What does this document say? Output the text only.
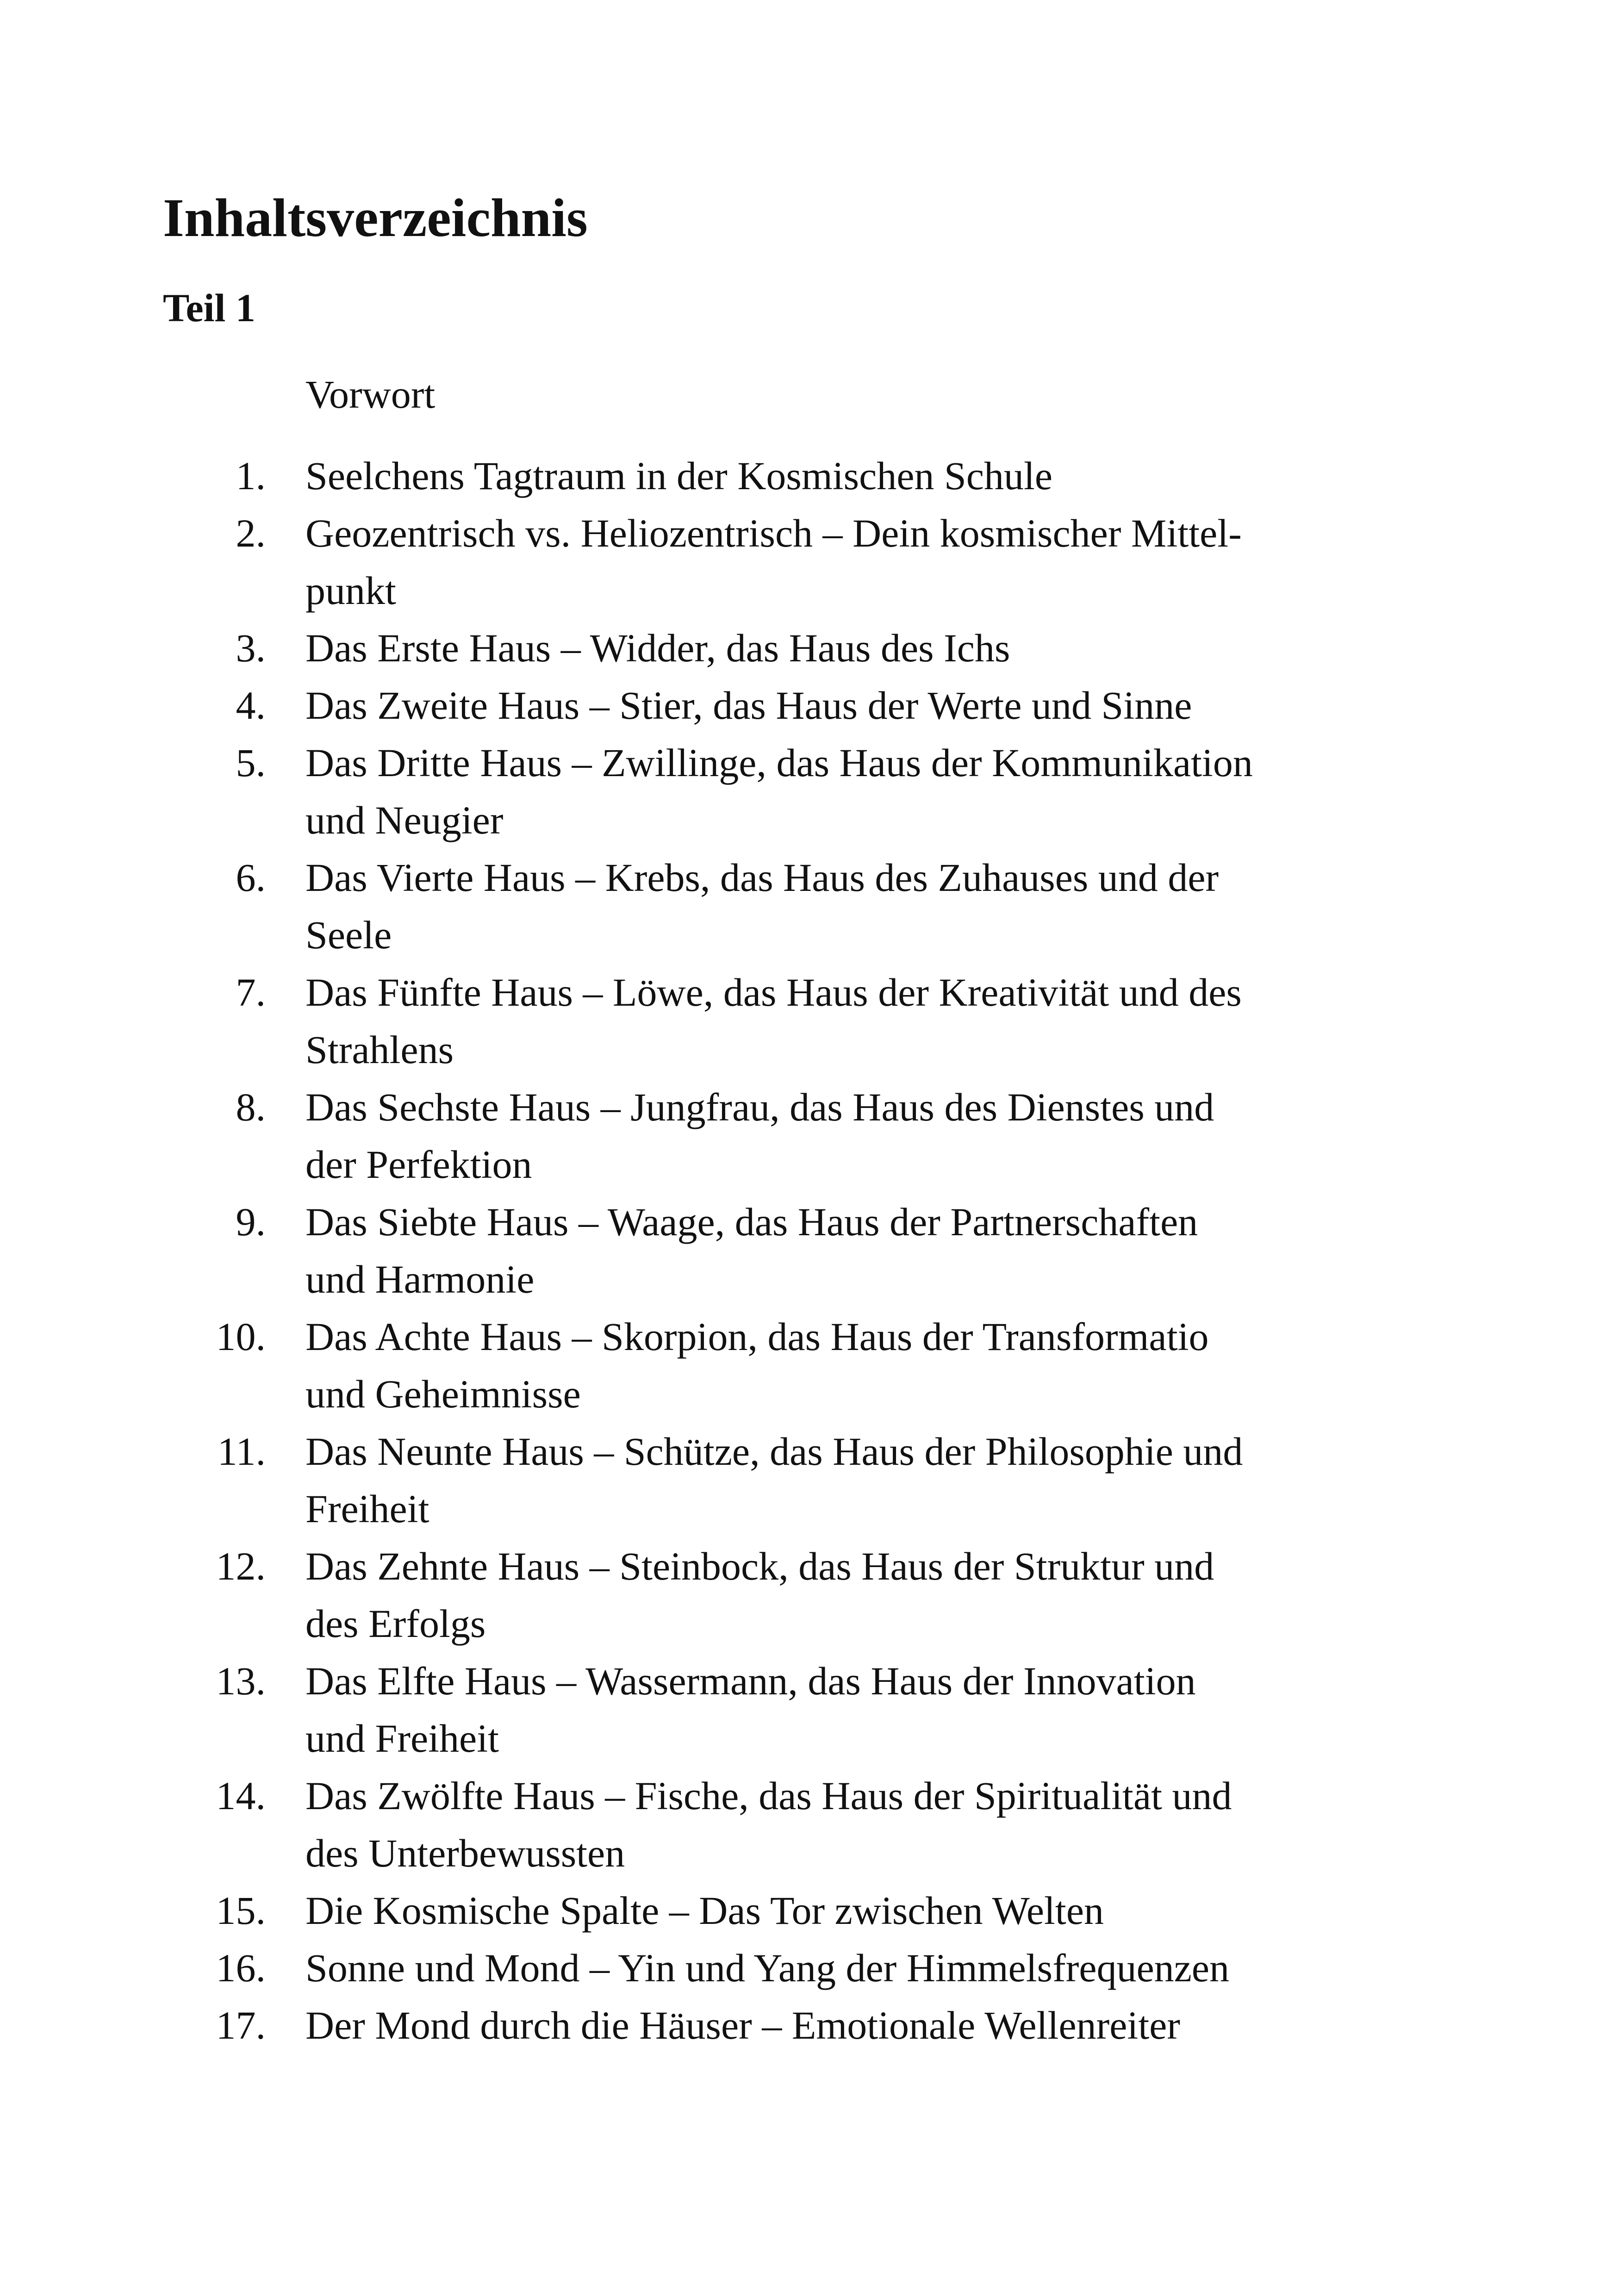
Inhaltsverzeichnis
Teil 1
Vorwort
1. Seelchens Tagtraum in der Kosmischen Schule
2. Geozentrisch vs. Heliozentrisch – Dein kosmischer Mittel-
punkt
3. Das Erste Haus – Widder, das Haus des Ichs
4. Das Zweite Haus – Stier, das Haus der Werte und Sinne
5. Das Dritte Haus – Zwillinge, das Haus der Kommunikation
und Neugier
6. Das Vierte Haus – Krebs, das Haus des Zuhauses und der
Seele
7. Das Fünfte Haus – Löwe, das Haus der Kreativität und des
Strahlens
8. Das Sechste Haus – Jungfrau, das Haus des Dienstes und
der Perfektion
9. Das Siebte Haus – Waage, das Haus der Partnerschaften
und Harmonie
10. Das Achte Haus – Skorpion, das Haus der Transformatio
und Geheimnisse
11. Das Neunte Haus – Schütze, das Haus der Philosophie und
Freiheit
12. Das Zehnte Haus – Steinbock, das Haus der Struktur und
des Erfolgs
13. Das Elfte Haus – Wassermann, das Haus der Innovation
und Freiheit
14. Das Zwölfte Haus – Fische, das Haus der Spiritualität und
des Unterbewussten
15. Die Kosmische Spalte – Das Tor zwischen Welten
16. Sonne und Mond – Yin und Yang der Himmelsfrequenzen
17. Der Mond durch die Häuser – Emotionale Wellenreiter
